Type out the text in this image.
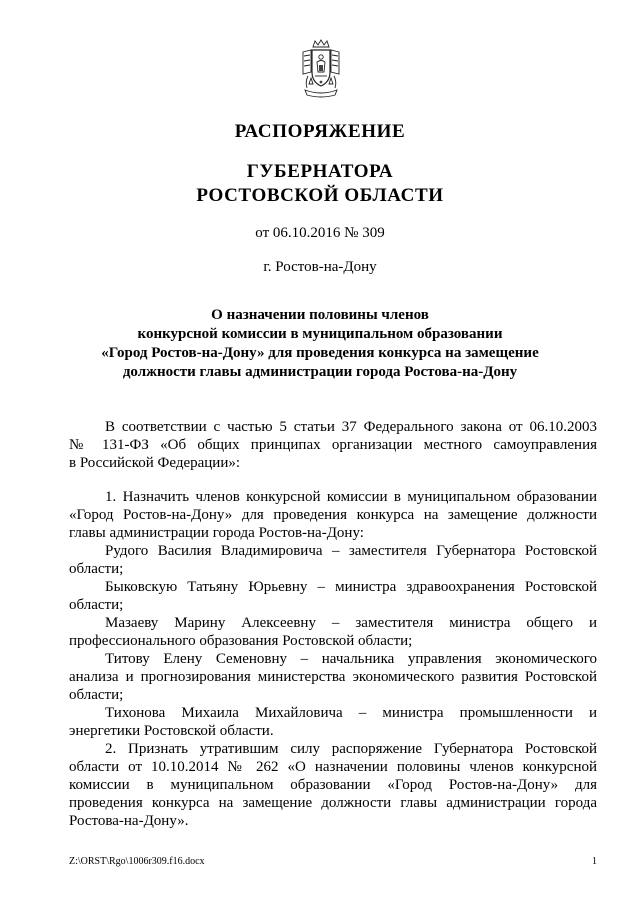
РАСПОРЯЖЕНИЕ
ГУБЕРНАТОРА
РОСТОВСКОЙ ОБЛАСТИ
от 06.10.2016 № 309
г. Ростов-на-Дону
О назначении половины членов
конкурсной комиссии в муниципальном образовании
«Город Ростов-на-Дону» для проведения конкурса на замещение
должности главы администрации города Ростова-на-Дону
В соответствии с частью 5 статьи 37 Федерального закона от 06.10.2003
№ 131-ФЗ «Об общих принципах организации местного самоуправления
в Российской Федерации»:
1. Назначить членов конкурсной комиссии в муниципальном образовании
«Город Ростов-на-Дону» для проведения конкурса на замещение должности
главы администрации города Ростов-на-Дону:
Рудого Василия Владимировича – заместителя Губернатора Ростовской
области;
Быковскую Татьяну Юрьевну – министра здравоохранения Ростовской
области;
Мазаеву Марину Алексеевну – заместителя министра общего и
профессионального образования Ростовской области;
Титову Елену Семеновну – начальника управления экономического
анализа и прогнозирования министерства экономического развития Ростовской
области;
Тихонова Михаила Михайловича – министра промышленности и
энергетики Ростовской области.
2. Признать утратившим силу распоряжение Губернатора Ростовской
области от 10.10.2014 № 262 «О назначении половины членов конкурсной
комиссии в муниципальном образовании «Город Ростов-на-Дону» для
проведения конкурса на замещение должности главы администрации города
Ростова-на-Дону».
Z:\ORST\Rgo\1006r309.f16.docx	1
